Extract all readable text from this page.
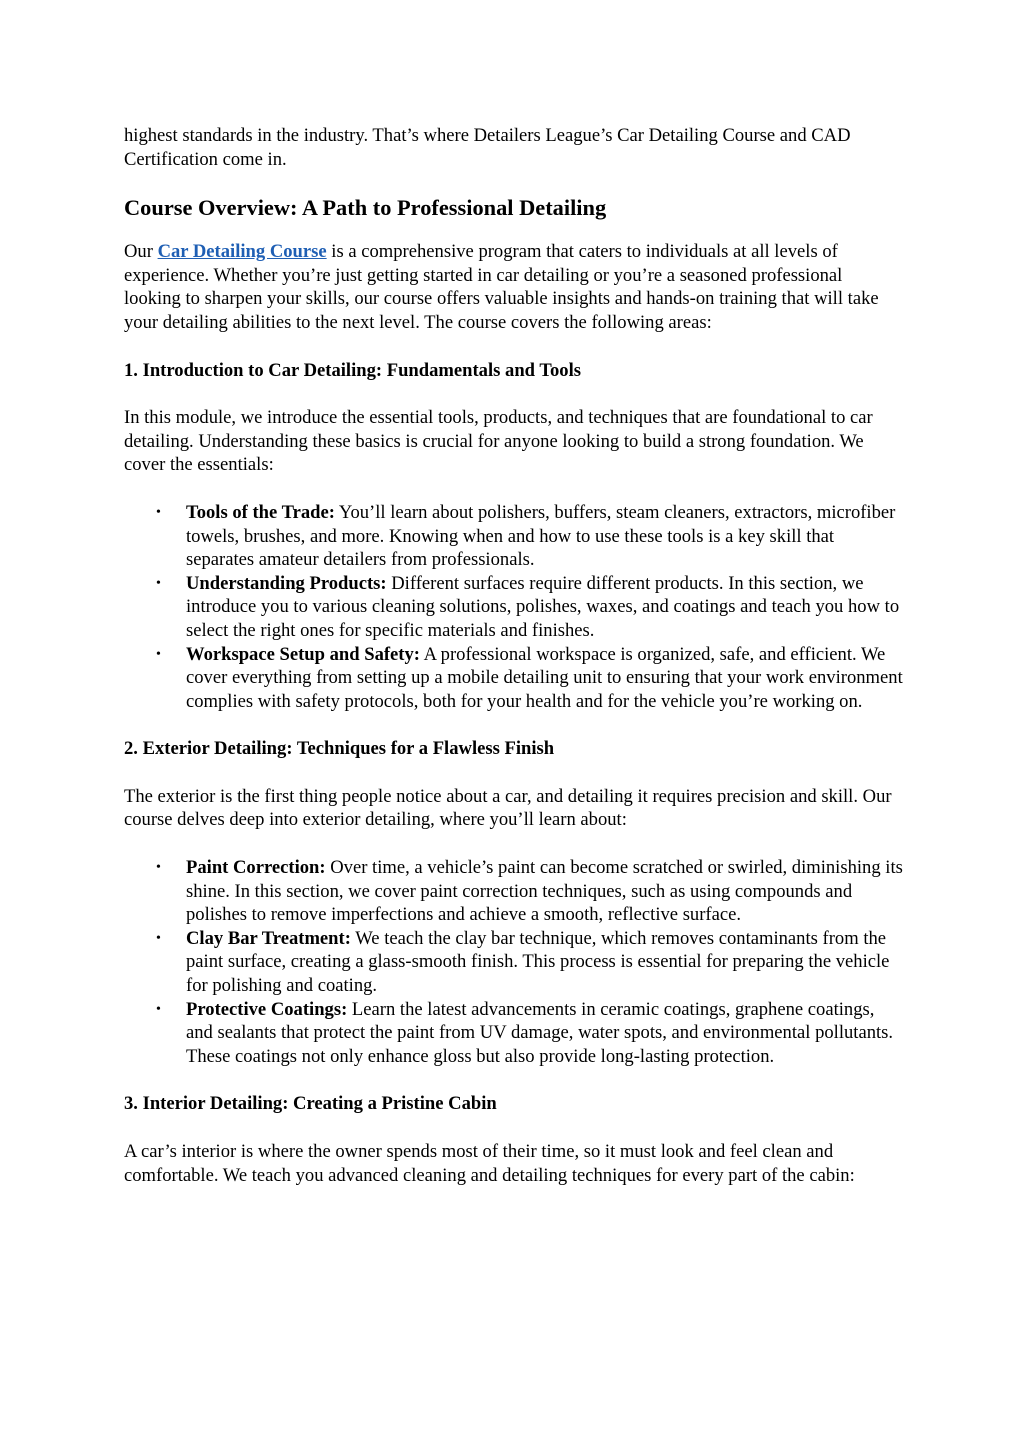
highest standards in the industry. That’s where Detailers League’s Car Detailing Course and CAD Certification come in.

Course Overview: A Path to Professional Detailing

Our Car Detailing Course is a comprehensive program that caters to individuals at all levels of experience. Whether you’re just getting started in car detailing or you’re a seasoned professional looking to sharpen your skills, our course offers valuable insights and hands-on training that will take your detailing abilities to the next level. The course covers the following areas:

1. Introduction to Car Detailing: Fundamentals and Tools

In this module, we introduce the essential tools, products, and techniques that are foundational to car detailing. Understanding these basics is crucial for anyone looking to build a strong foundation. We cover the essentials:

• Tools of the Trade: You’ll learn about polishers, buffers, steam cleaners, extractors, microfiber towels, brushes, and more. Knowing when and how to use these tools is a key skill that separates amateur detailers from professionals.
• Understanding Products: Different surfaces require different products. In this section, we introduce you to various cleaning solutions, polishes, waxes, and coatings and teach you how to select the right ones for specific materials and finishes.
• Workspace Setup and Safety: A professional workspace is organized, safe, and efficient. We cover everything from setting up a mobile detailing unit to ensuring that your work environment complies with safety protocols, both for your health and for the vehicle you’re working on.
2. Exterior Detailing: Techniques for a Flawless Finish

The exterior is the first thing people notice about a car, and detailing it requires precision and skill. Our course delves deep into exterior detailing, where you’ll learn about:

• Paint Correction: Over time, a vehicle’s paint can become scratched or swirled, diminishing its shine. In this section, we cover paint correction techniques, such as using compounds and polishes to remove imperfections and achieve a smooth, reflective surface.
• Clay Bar Treatment: We teach the clay bar technique, which removes contaminants from the paint surface, creating a glass-smooth finish. This process is essential for preparing the vehicle for polishing and coating.
• Protective Coatings: Learn the latest advancements in ceramic coatings, graphene coatings, and sealants that protect the paint from UV damage, water spots, and environmental pollutants. These coatings not only enhance gloss but also provide long-lasting protection.
3. Interior Detailing: Creating a Pristine Cabin

A car’s interior is where the owner spends most of their time, so it must look and feel clean and comfortable. We teach you advanced cleaning and detailing techniques for every part of the cabin:
